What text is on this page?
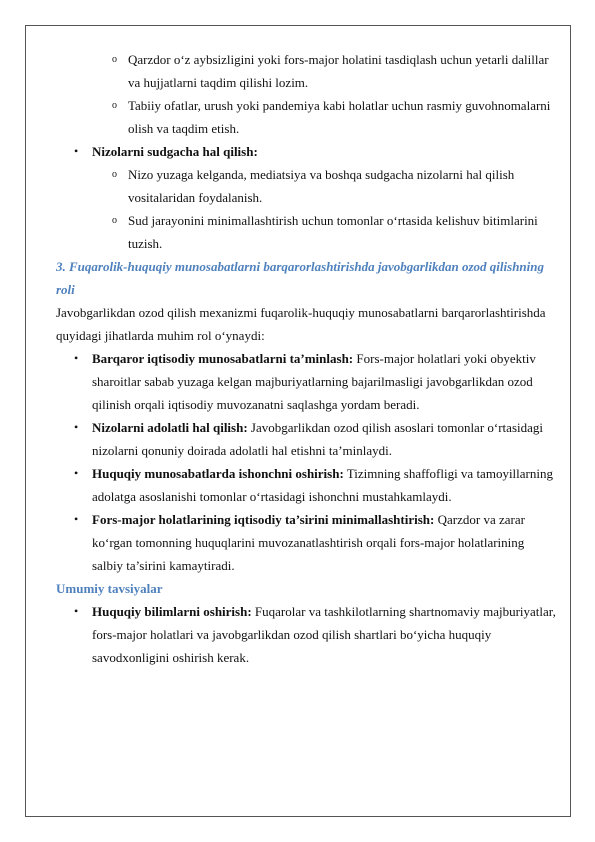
o Qarzdor o‘z aybsizligini yoki fors-major holatini tasdiqlash uchun yetarli dalillar va hujjatlarni taqdim qilishi lozim.

o Tabiiy ofatlar, urush yoki pandemiya kabi holatlar uchun rasmiy guvohnomalarni olish va taqdim etish.

• Nizolarni sudgacha hal qilish:

o Nizo yuzaga kelganda, mediatsiya va boshqa sudgacha nizolarni hal qilish vositalaridan foydalanish.

o Sud jarayonini minimallashtirish uchun tomonlar o‘rtasida kelishuv bitimlarini tuzish.

3. Fuqarolik-huquqiy munosabatlarni barqarorlashtirishda javobgarlikdan ozod qilishning roli

Javobgarlikdan ozod qilish mexanizmi fuqarolik-huquqiy munosabatlarni barqarorlashtirishda quyidagi jihatlarda muhim rol o‘ynaydi:

• Barqaror iqtisodiy munosabatlarni ta’minlash: Fors-major holatlari yoki obyektiv sharoitlar sabab yuzaga kelgan majburiyatlarning bajarilmasligi javobgarlikdan ozod qilinish orqali iqtisodiy muvozanatni saqlashga yordam beradi.

• Nizolarni adolatli hal qilish: Javobgarlikdan ozod qilish asoslari tomonlar o‘rtasidagi nizolarni qonuniy doirada adolatli hal etishni ta’minlaydi.

• Huquqiy munosabatlarda ishonchni oshirish: Tizimning shaffofligi va tamoyillarning adolatga asoslanishi tomonlar o‘rtasidagi ishonchni mustahkamlaydi.

• Fors-major holatlarining iqtisodiy ta’sirini minimallashtirish: Qarzdor va zarar ko‘rgan tomonning huquqlarini muvozanatlashtirish orqali fors-major holatlarining salbiy ta’sirini kamaytiradi.

Umumiy tavsiyalar

• Huquqiy bilimlarni oshirish: Fuqarolar va tashkilotlarning shartnomaviy majburiyatlar, fors-major holatlari va javobgarlikdan ozod qilish shartlari bo‘yicha huquqiy savodxonligini oshirish kerak.
